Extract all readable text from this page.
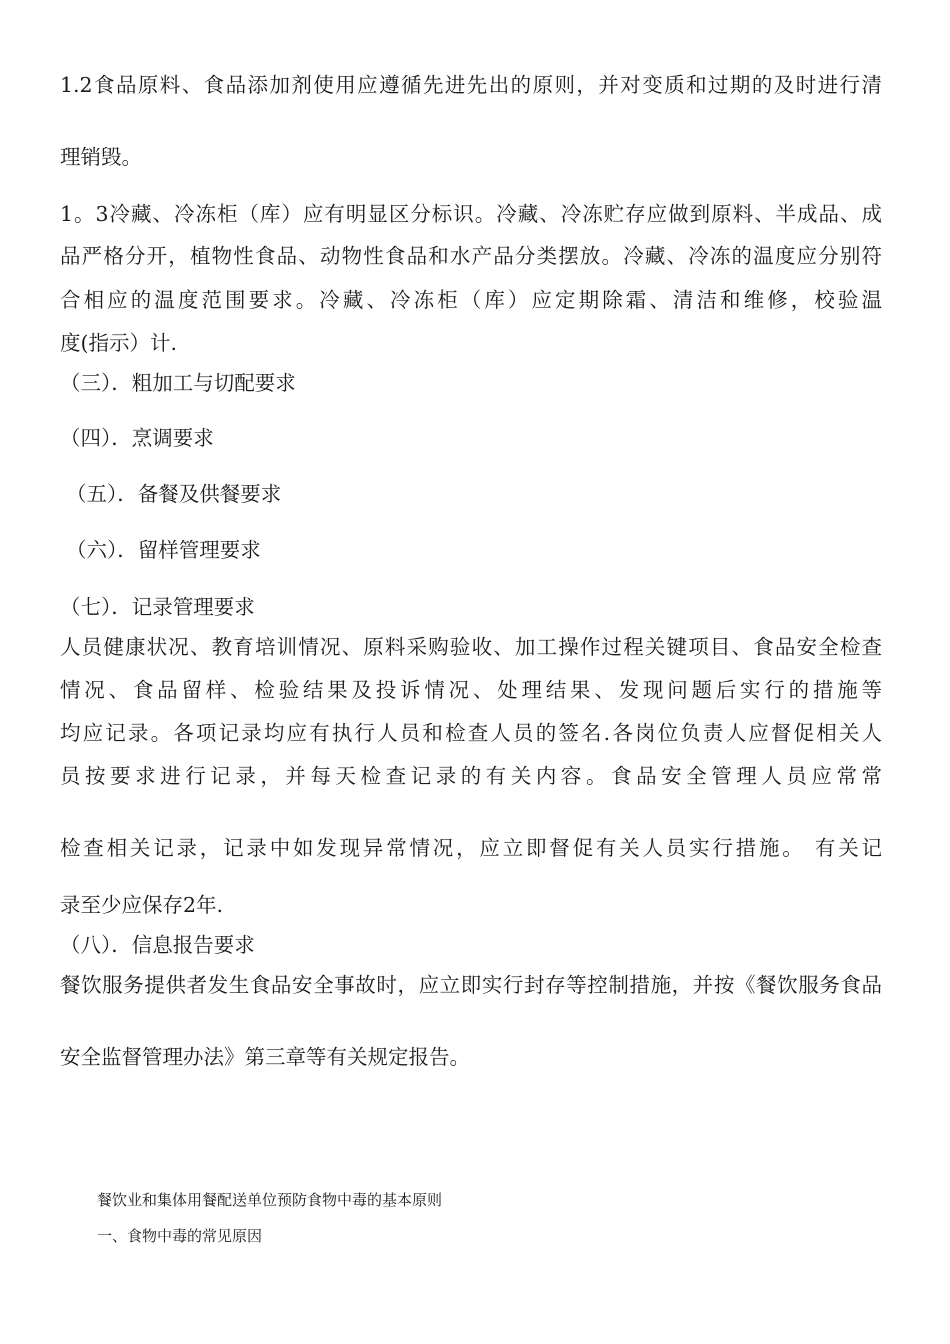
1.2食品原料、食品添加剂使用应遵循先进先出的原则，并对变质和过期的及时进行清
理销毁。
1。3冷藏、冷冻柜（库）应有明显区分标识。冷藏、冷冻贮存应做到原料、半成品、成
品严格分开，植物性食品、动物性食品和水产品分类摆放。冷藏、冷冻的温度应分别符
合相应的温度范围要求。冷藏、冷冻柜（库）应定期除霜、清洁和维修，校验温
度(指示）计.
（三）．粗加工与切配要求
（四）．烹调要求
（五）．备餐及供餐要求
（六）．留样管理要求
（七）．记录管理要求
人员健康状况、教育培训情况、原料采购验收、加工操作过程关键项目、食品安全检查
情况、食品留样、检验结果及投诉情况、处理结果、发现问题后实行的措施等
均应记录。各项记录均应有执行人员和检查人员的签名.各岗位负责人应督促相关人
员按要求进行记录，并每天检查记录的有关内容。食品安全管理人员应常常
检查相关记录，记录中如发现异常情况，应立即督促有关人员实行措施。 有关记
录至少应保存2年.
（八）．信息报告要求
餐饮服务提供者发生食品安全事故时，应立即实行封存等控制措施，并按《餐饮服务食品
安全监督管理办法》第三章等有关规定报告。
餐饮业和集体用餐配送单位预防食物中毒的基本原则
一、食物中毒的常见原因
